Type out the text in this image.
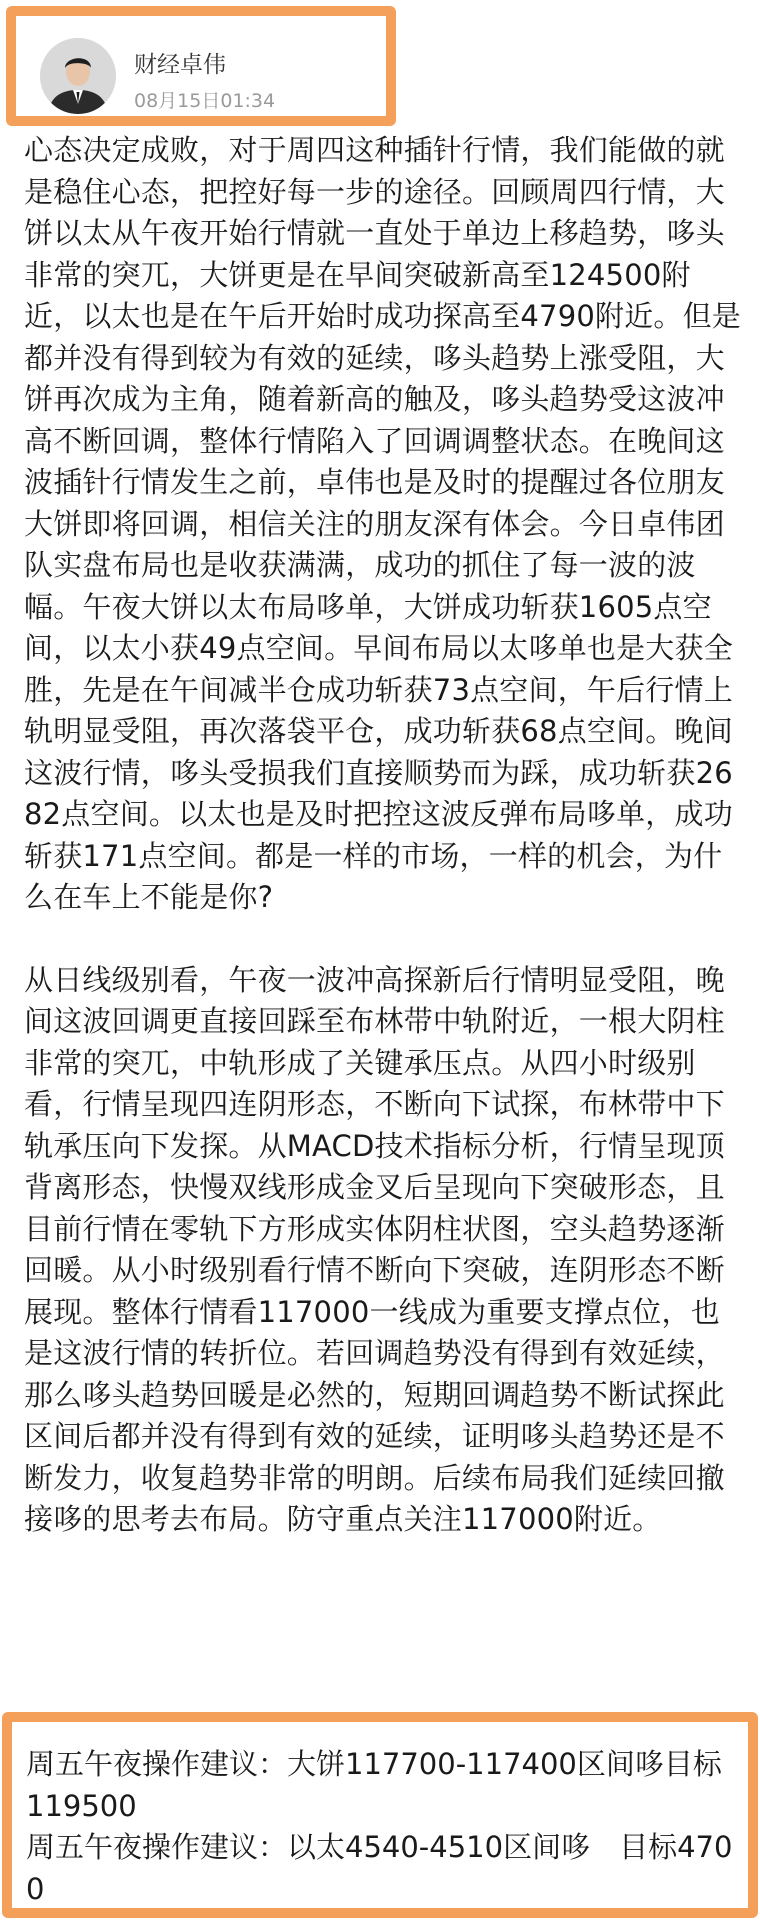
财经卓伟
08月15日01:34

心态决定成败，对于周四这种插针行情，我们能做的就是稳住心态，把控好每一步的途径。回顾周四行情，大饼以太从午夜开始行情就一直处于单边上移趋势，哆头非常的突兀，大饼更是在早间突破新高至124500附近，以太也是在午后开始时成功探高至4790附近。但是都并没有得到较为有效的延续，哆头趋势上涨受阻，大饼再次成为主角，随着新高的触及，哆头趋势受这波冲高不断回调，整体行情陷入了回调调整状态。在晚间这波插针行情发生之前，卓伟也是及时的提醒过各位朋友大饼即将回调，相信关注的朋友深有体会。今日卓伟团队实盘布局也是收获满满，成功的抓住了每一波的波幅。午夜大饼以太布局哆单，大饼成功斩获1605点空间，以太小获49点空间。早间布局以太哆单也是大获全胜，先是在午间减半仓成功斩获73点空间，午后行情上轨明显受阻，再次落袋平仓，成功斩获68点空间。晚间这波行情，哆头受损我们直接顺势而为踩，成功斩获2682点空间。以太也是及时把控这波反弹布局哆单，成功斩获171点空间。都是一样的市场，一样的机会，为什么在车上不能是你?

从日线级别看，午夜一波冲高探新后行情明显受阻，晚间这波回调更直接回踩至布林带中轨附近，一根大阴柱非常的突兀，中轨形成了关键承压点。从四小时级别看，行情呈现四连阴形态，不断向下试探，布林带中下轨承压向下发探。从MACD技术指标分析，行情呈现顶背离形态，快慢双线形成金叉后呈现向下突破形态，且目前行情在零轨下方形成实体阴柱状图，空头趋势逐渐回暖。从小时级别看行情不断向下突破，连阴形态不断展现。整体行情看117000一线成为重要支撑点位，也是这波行情的转折位。若回调趋势没有得到有效延续，那么哆头趋势回暖是必然的，短期回调趋势不断试探此区间后都并没有得到有效的延续，证明哆头趋势还是不断发力，收复趋势非常的明朗。后续布局我们延续回撤接哆的思考去布局。防守重点关注117000附近。

周五午夜操作建议：大饼117700-117400区间哆目标119500

周五午夜操作建议：以太4540-4510区间哆　目标4700
